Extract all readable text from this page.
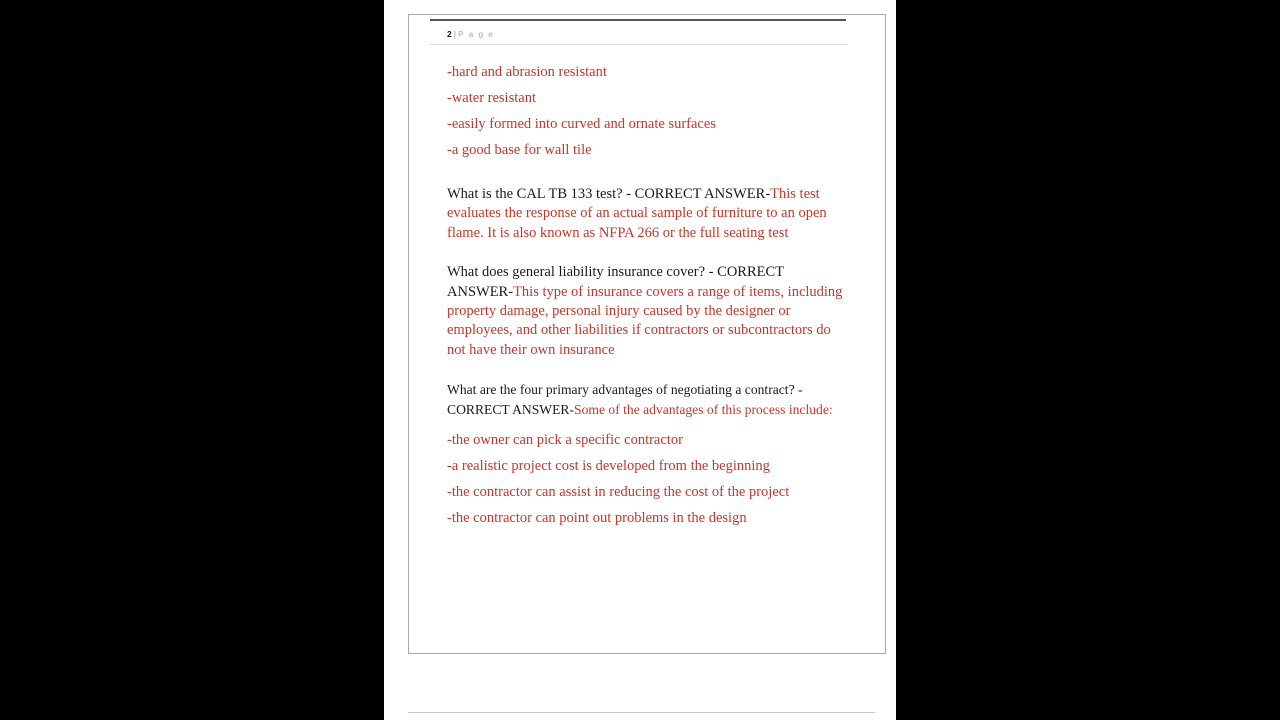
2 | P a g e
-hard and abrasion resistant
-water resistant
-easily formed into curved and ornate surfaces
-a good base for wall tile
What is the CAL TB 133 test? - CORRECT ANSWER-This test evaluates the response of an actual sample of furniture to an open flame. It is also known as NFPA 266 or the full seating test
What does general liability insurance cover? - CORRECT ANSWER-This type of insurance covers a range of items, including property damage, personal injury caused by the designer or employees, and other liabilities if contractors or subcontractors do not have their own insurance
What are the four primary advantages of negotiating a contract? - CORRECT ANSWER-Some of the advantages of this process include:
-the owner can pick a specific contractor
-a realistic project cost is developed from the beginning
-the contractor can assist in reducing the cost of the project
-the contractor can point out problems in the design
